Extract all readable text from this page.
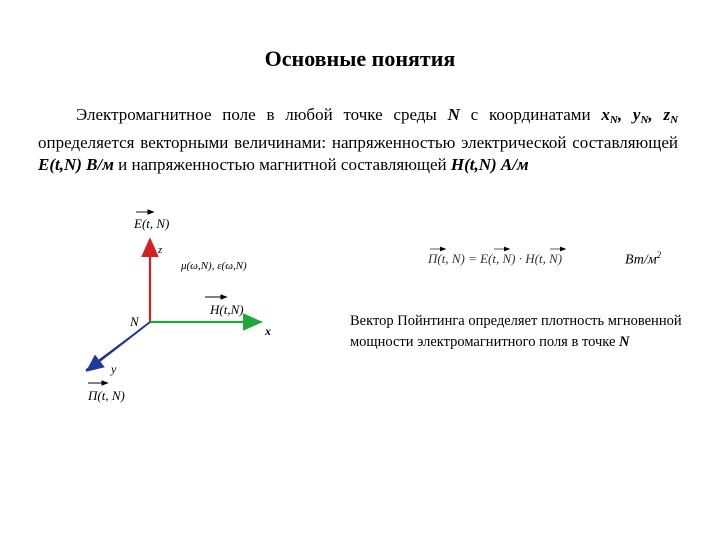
Основные понятия
Электромагнитное поле в любой точке среды N с координатами xN, yN, zN определяется векторными величинами: напряженностью электрической составляющей E(t,N) В/м и напряженностью магнитной составляющей H(t,N) А/м
E(t, N)
z
μ(ω,N), ε(ω,N)
N
H(t,N)
x
y
Π(t, N)
Π(t, N) = E(t, N) · H(t, N)	$Вт/м^2$
Вектор Пойнтинга определяет плотность мгновенной мощности электромагнитного поля в точке N
